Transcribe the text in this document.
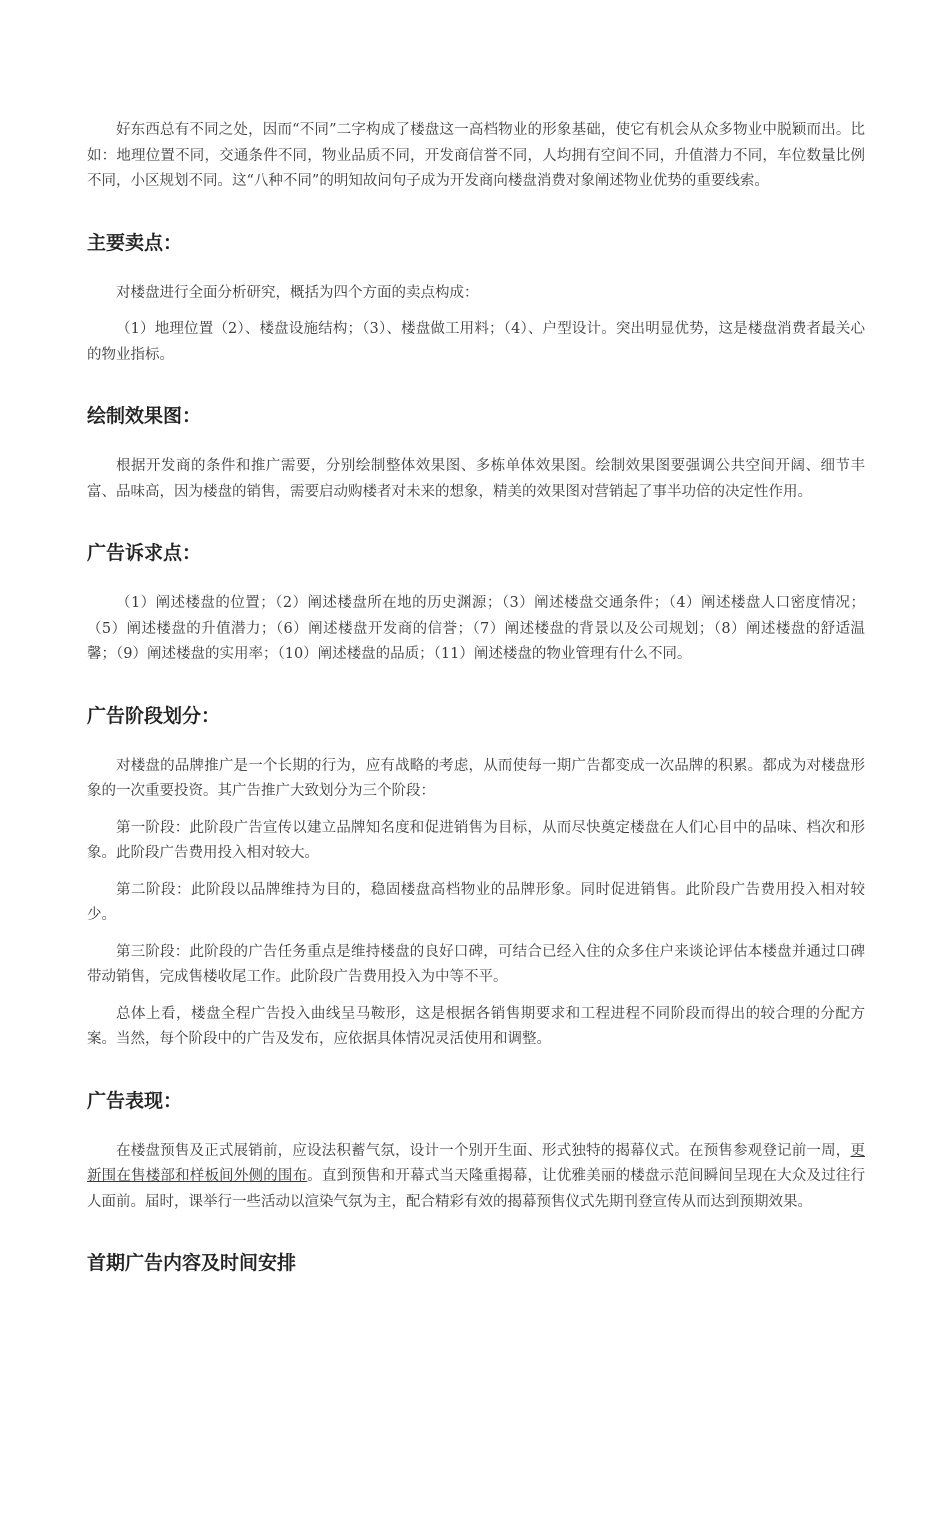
好东西总有不同之处，因而“不同”二字构成了楼盘这一高档物业的形象基础，使它有机会从众多物业中脱颖而出。比如：地理位置不同，交通条件不同，物业品质不同，开发商信誉不同，人均拥有空间不同，升值潜力不同，车位数量比例不同，小区规划不同。这“八种不同”的明知故问句子成为开发商向楼盘消费对象阐述物业优势的重要线索。

主要卖点：

对楼盘进行全面分析研究，概括为四个方面的卖点构成：

（1）地理位置（2）、楼盘设施结构；（3）、楼盘做工用料；（4）、户型设计。突出明显优势，这是楼盘消费者最关心的物业指标。

绘制效果图：

根据开发商的条件和推广需要，分别绘制整体效果图、多栋单体效果图。绘制效果图要强调公共空间开阔、细节丰富、品味高，因为楼盘的销售，需要启动购楼者对未来的想象，精美的效果图对营销起了事半功倍的决定性作用。

广告诉求点：

（1）阐述楼盘的位置；（2）阐述楼盘所在地的历史渊源；（3）阐述楼盘交通条件；（4）阐述楼盘人口密度情况；（5）阐述楼盘的升值潜力；（6）阐述楼盘开发商的信誉；（7）阐述楼盘的背景以及公司规划；（8）阐述楼盘的舒适温馨；（9）阐述楼盘的实用率；（10）阐述楼盘的品质；（11）阐述楼盘的物业管理有什么不同。

广告阶段划分：

对楼盘的品牌推广是一个长期的行为，应有战略的考虑，从而使每一期广告都变成一次品牌的积累。都成为对楼盘形象的一次重要投资。其广告推广大致划分为三个阶段：

第一阶段：此阶段广告宣传以建立品牌知名度和促进销售为目标，从而尽快奠定楼盘在人们心目中的品味、档次和形象。此阶段广告费用投入相对较大。

第二阶段：此阶段以品牌维持为目的，稳固楼盘高档物业的品牌形象。同时促进销售。此阶段广告费用投入相对较少。

第三阶段：此阶段的广告任务重点是维持楼盘的良好口碑，可结合已经入住的众多住户来谈论评估本楼盘并通过口碑带动销售，完成售楼收尾工作。此阶段广告费用投入为中等不平。

总体上看，楼盘全程广告投入曲线呈马鞍形，这是根据各销售期要求和工程进程不同阶段而得出的较合理的分配方案。当然，每个阶段中的广告及发布，应依据具体情况灵活使用和调整。

广告表现：

在楼盘预售及正式展销前，应设法积蓄气氛，设计一个别开生面、形式独特的揭幕仪式。在预售参观登记前一周，更新围在售楼部和样板间外侧的围布。直到预售和开幕式当天隆重揭幕，让优雅美丽的楼盘示范间瞬间呈现在大众及过往行人面前。届时，课举行一些活动以渲染气氛为主，配合精彩有效的揭幕预售仪式先期刊登宣传从而达到预期效果。

首期广告内容及时间安排
